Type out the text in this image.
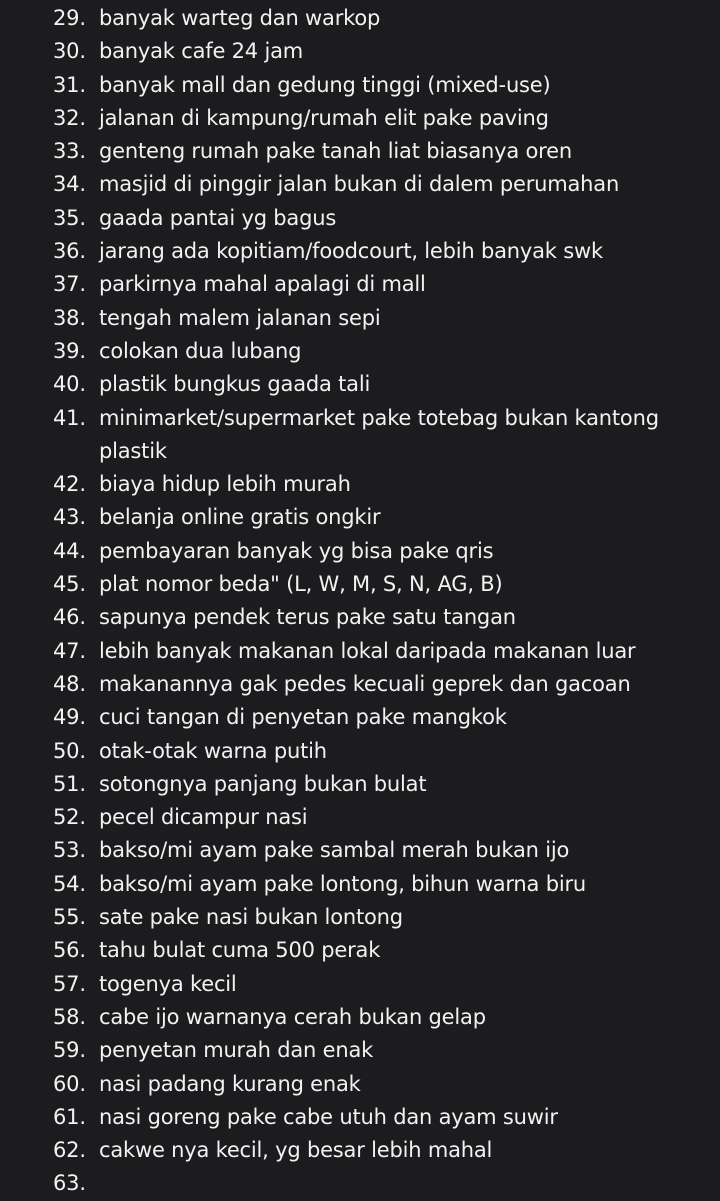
29. banyak warteg dan warkop
30. banyak cafe 24 jam
31. banyak mall dan gedung tinggi (mixed-use)
32. jalanan di kampung/rumah elit pake paving
33. genteng rumah pake tanah liat biasanya oren
34. masjid di pinggir jalan bukan di dalem perumahan
35. gaada pantai yg bagus
36. jarang ada kopitiam/foodcourt, lebih banyak swk
37. parkirnya mahal apalagi di mall
38. tengah malem jalanan sepi
39. colokan dua lubang
40. plastik bungkus gaada tali
41. minimarket/supermarket pake totebag bukan kantong plastik
42. biaya hidup lebih murah
43. belanja online gratis ongkir
44. pembayaran banyak yg bisa pake qris
45. plat nomor beda" (L, W, M, S, N, AG, B)
46. sapunya pendek terus pake satu tangan
47. lebih banyak makanan lokal daripada makanan luar
48. makanannya gak pedes kecuali geprek dan gacoan
49. cuci tangan di penyetan pake mangkok
50. otak-otak warna putih
51. sotongnya panjang bukan bulat
52. pecel dicampur nasi
53. bakso/mi ayam pake sambal merah bukan ijo
54. bakso/mi ayam pake lontong, bihun warna biru
55. sate pake nasi bukan lontong
56. tahu bulat cuma 500 perak
57. togenya kecil
58. cabe ijo warnanya cerah bukan gelap
59. penyetan murah dan enak
60. nasi padang kurang enak
61. nasi goreng pake cabe utuh dan ayam suwir
62. cakwe nya kecil, yg besar lebih mahal
63.
